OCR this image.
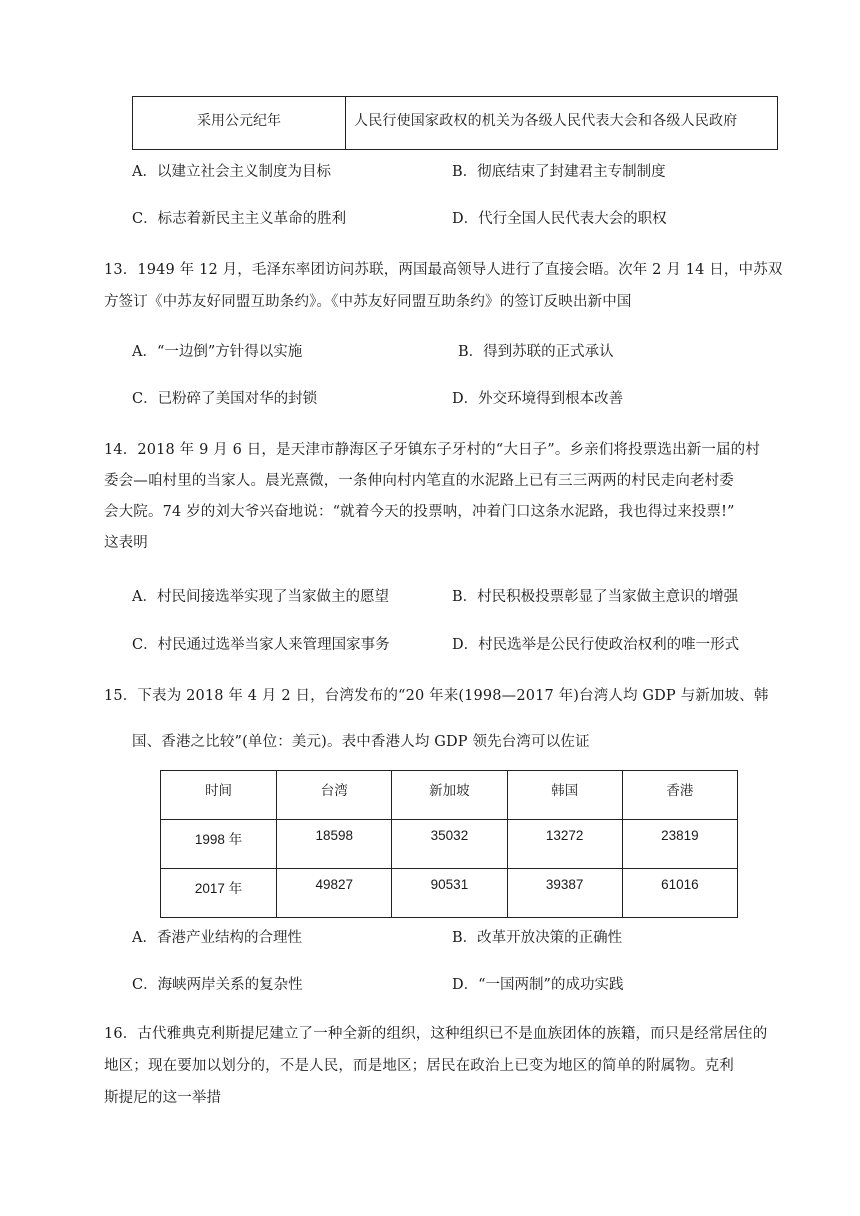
采用公元纪年	人民行使国家政权的机关为各级人民代表大会和各级人民政府
A．以建立社会主义制度为目标	B．彻底结束了封建君主专制制度
C．标志着新民主主义革命的胜利	D．代行全国人民代表大会的职权
13．1949 年 12 月，毛泽东率团访问苏联，两国最高领导人进行了直接会晤。次年 2 月 14 日，中苏双
方签订《中苏友好同盟互助条约》。《中苏友好同盟互助条约》的签订反映出新中国
A．“一边倒”方针得以实施	B．得到苏联的正式承认
C．已粉碎了美国对华的封锁	D．外交环境得到根本改善
14．2018 年 9 月 6 日，是天津市静海区子牙镇东子牙村的“大日子”。乡亲们将投票选出新一届的村
委会—咱村里的当家人。晨光熹微，一条伸向村内笔直的水泥路上已有三三两两的村民走向老村委
会大院。74 岁的刘大爷兴奋地说：“就着今天的投票呐，冲着门口这条水泥路，我也得过来投票!”
这表明
A．村民间接选举实现了当家做主的愿望	B．村民积极投票彰显了当家做主意识的增强
C．村民通过选举当家人来管理国家事务	D．村民选举是公民行使政治权利的唯一形式
15．下表为 2018 年 4 月 2 日，台湾发布的“20 年来(1998—2017 年)台湾人均 GDP 与新加坡、韩
国、香港之比较”(单位：美元)。表中香港人均 GDP 领先台湾可以佐证
时间	台湾	新加坡	韩国	香港
1998 年	18598	35032	13272	23819
2017 年	49827	90531	39387	61016
A．香港产业结构的合理性	B．改革开放决策的正确性
C．海峡两岸关系的复杂性	D．“一国两制”的成功实践
16．古代雅典克利斯提尼建立了一种全新的组织，这种组织已不是血族团体的族籍，而只是经常居住的
地区；现在要加以划分的，不是人民，而是地区；居民在政治上已变为地区的简单的附属物。克利
斯提尼的这一举措
